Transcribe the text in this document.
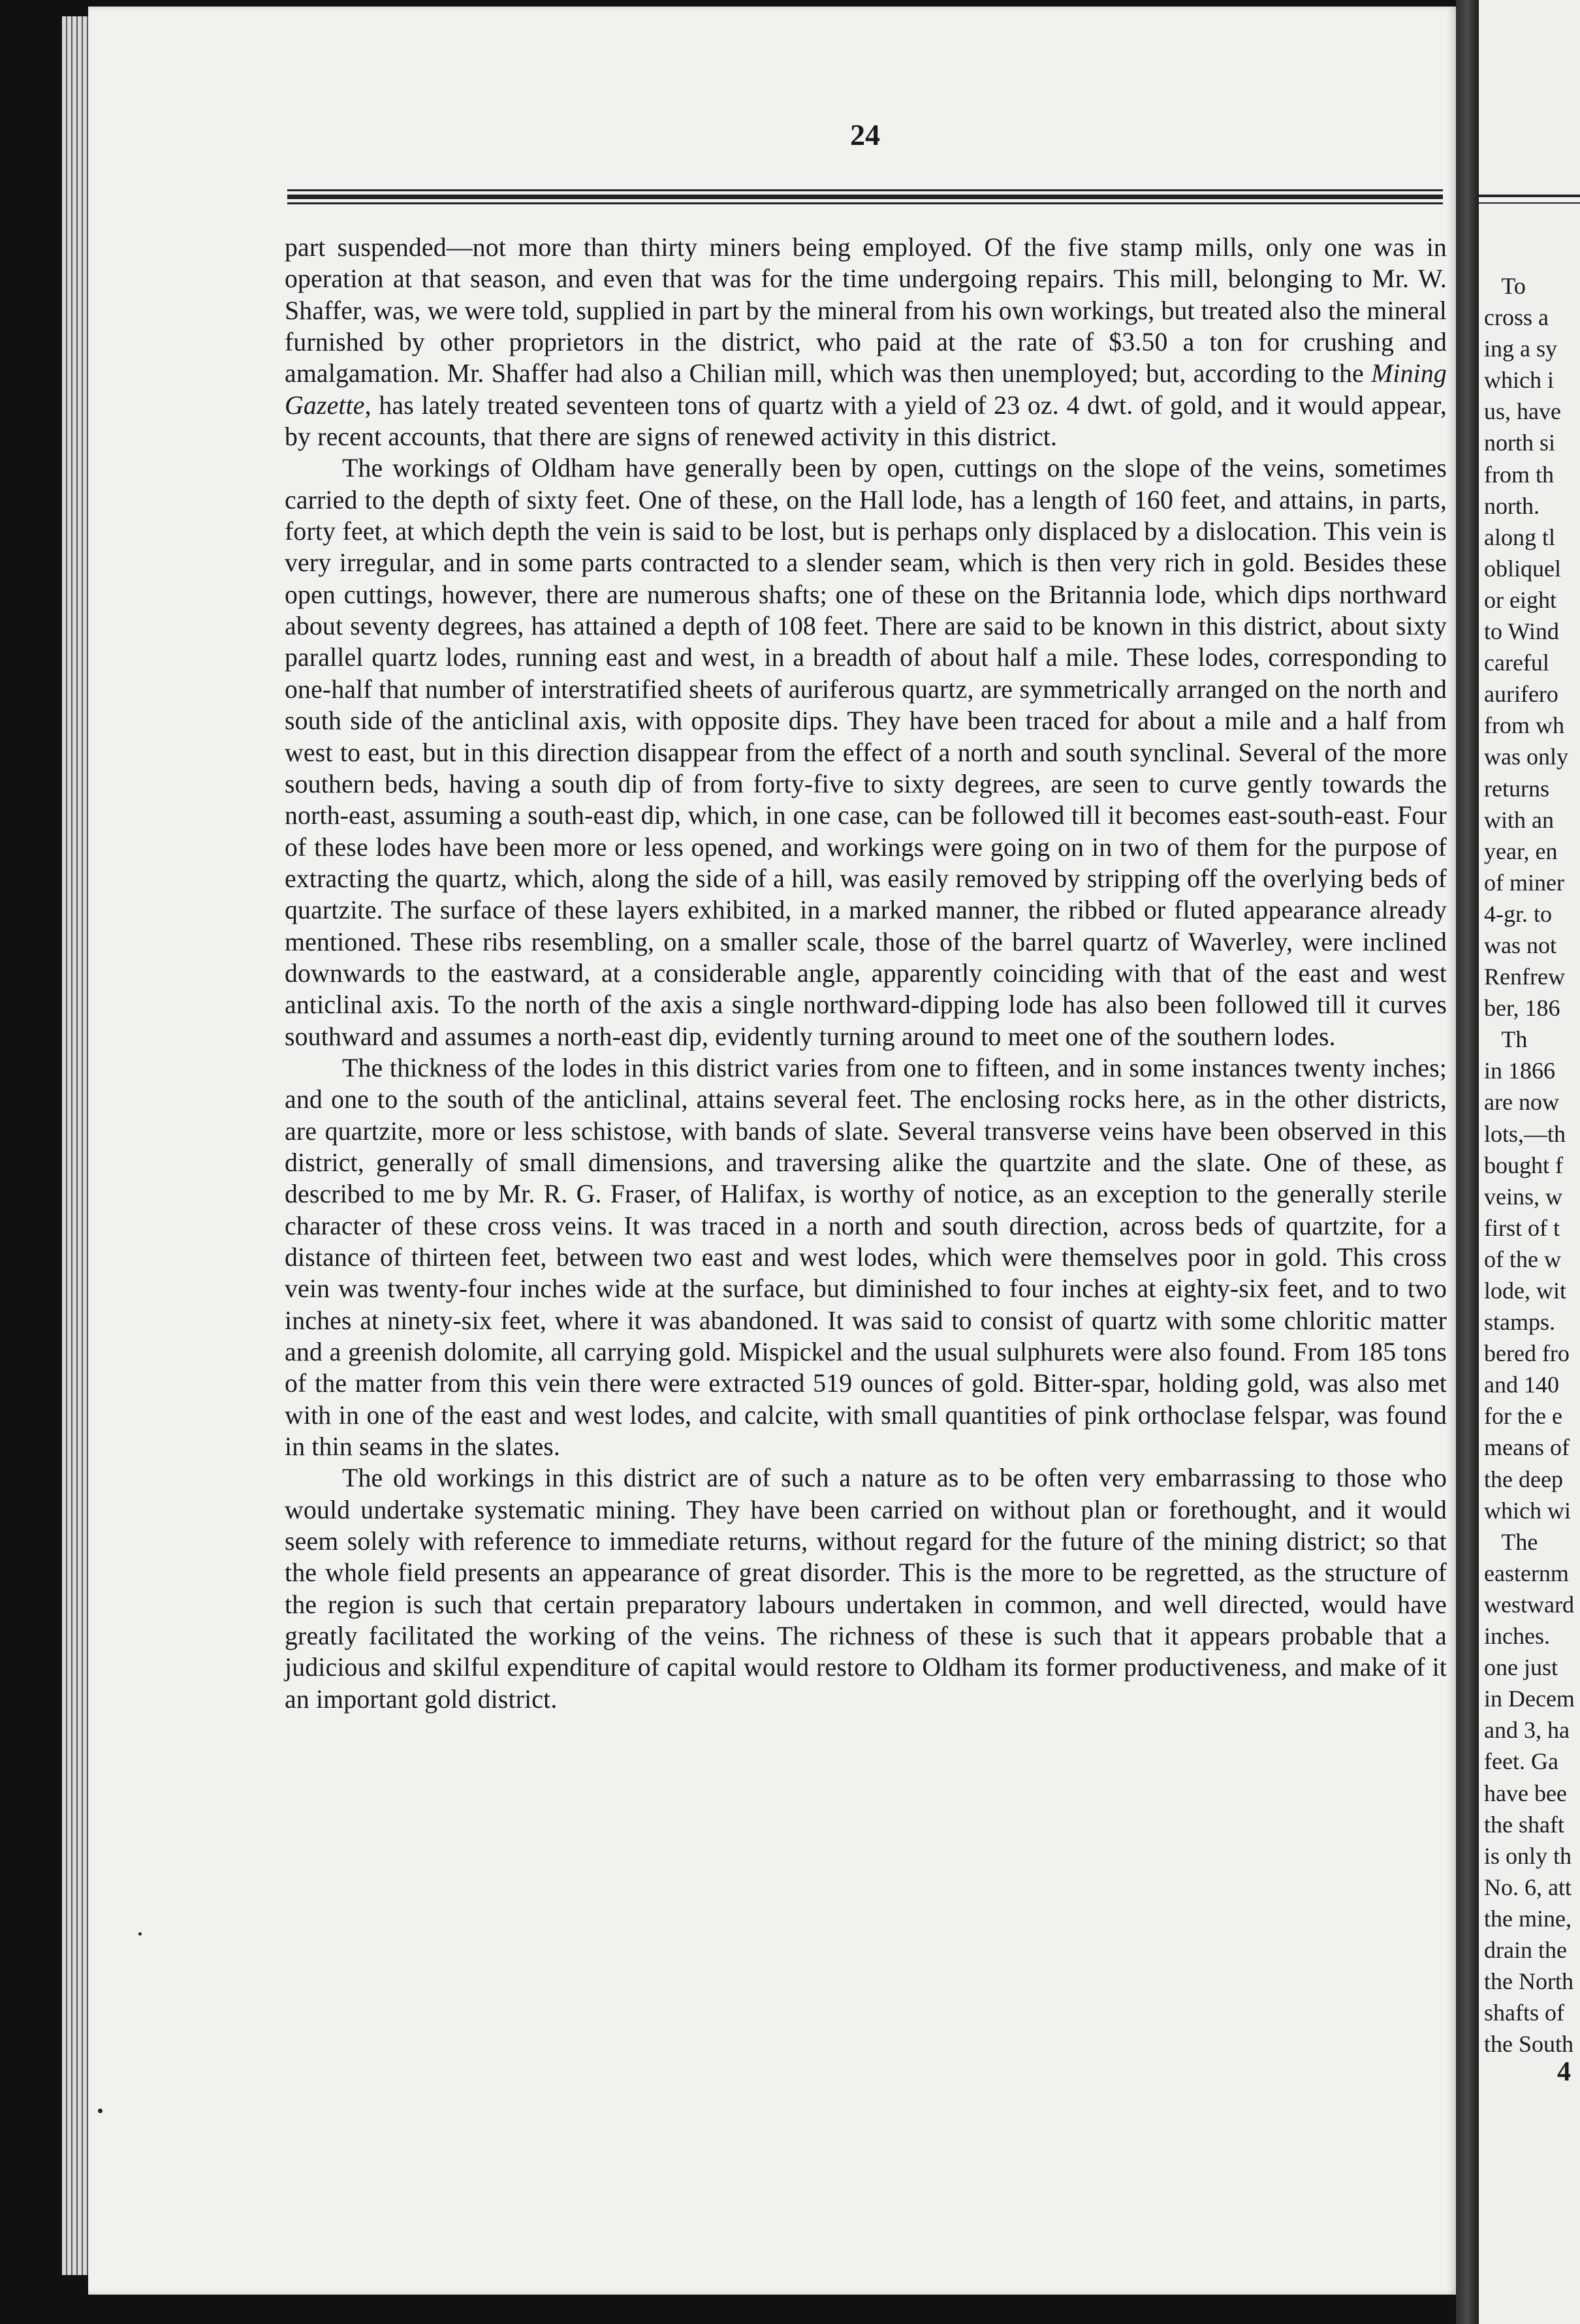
24

part suspended—not more than thirty miners being employed. Of the five stamp mills, only one was in operation at that season, and even that was for the time undergoing repairs. This mill, belonging to Mr. W. Shaffer, was, we were told, supplied in part by the mineral from his own workings, but treated also the mineral furnished by other proprietors in the district, who paid at the rate of $3.50 a ton for crushing and amalgamation. Mr. Shaffer had also a Chilian mill, which was then unemployed; but, according to the Mining Gazette, has lately treated seventeen tons of quartz with a yield of 23 oz. 4 dwt. of gold, and it would appear, by recent accounts, that there are signs of renewed activity in this district.

The workings of Oldham have generally been by open, cuttings on the slope of the veins, sometimes carried to the depth of sixty feet. One of these, on the Hall lode, has a length of 160 feet, and attains, in parts, forty feet, at which depth the vein is said to be lost, but is perhaps only displaced by a dislocation. This vein is very irregular, and in some parts contracted to a slender seam, which is then very rich in gold. Besides these open cuttings, however, there are numerous shafts; one of these on the Britannia lode, which dips northward about seventy degrees, has attained a depth of 108 feet. There are said to be known in this district, about sixty parallel quartz lodes, running east and west, in a breadth of about half a mile. These lodes, corresponding to one-half that number of interstratified sheets of auriferous quartz, are symmetrically arranged on the north and south side of the anticlinal axis, with opposite dips. They have been traced for about a mile and a half from west to east, but in this direction disappear from the effect of a north and south synclinal. Several of the more southern beds, having a south dip of from forty-five to sixty degrees, are seen to curve gently towards the north-east, assuming a south-east dip, which, in one case, can be followed till it becomes east-south-east. Four of these lodes have been more or less opened, and workings were going on in two of them for the purpose of extracting the quartz, which, along the side of a hill, was easily removed by stripping off the overlying beds of quartzite. The surface of these layers exhibited, in a marked manner, the ribbed or fluted appearance already mentioned. These ribs resembling, on a smaller scale, those of the barrel quartz of Waverley, were inclined downwards to the eastward, at a considerable angle, apparently coinciding with that of the east and west anticlinal axis. To the north of the axis a single northward-dipping lode has also been followed till it curves southward and assumes a north-east dip, evidently turning around to meet one of the southern lodes.

The thickness of the lodes in this district varies from one to fifteen, and in some instances twenty inches; and one to the south of the anticlinal, attains several feet. The enclosing rocks here, as in the other districts, are quartzite, more or less schistose, with bands of slate. Several transverse veins have been observed in this district, generally of small dimensions, and traversing alike the quartzite and the slate. One of these, as described to me by Mr. R. G. Fraser, of Halifax, is worthy of notice, as an exception to the generally sterile character of these cross veins. It was traced in a north and south direction, across beds of quartzite, for a distance of thirteen feet, between two east and west lodes, which were themselves poor in gold. This cross vein was twenty-four inches wide at the surface, but diminished to four inches at eighty-six feet, and to two inches at ninety-six feet, where it was abandoned. It was said to consist of quartz with some chloritic matter and a greenish dolomite, all carrying gold. Mispickel and the usual sulphurets were also found. From 185 tons of the matter from this vein there were extracted 519 ounces of gold. Bitter-spar, holding gold, was also met with in one of the east and west lodes, and calcite, with small quantities of pink orthoclase felspar, was found in thin seams in the slates.

The old workings in this district are of such a nature as to be often very embarrassing to those who would undertake systematic mining. They have been carried on without plan or forethought, and it would seem solely with reference to immediate returns, without regard for the future of the mining district; so that the whole field presents an appearance of great disorder. This is the more to be regretted, as the structure of the region is such that certain preparatory labours undertaken in common, and well directed, would have greatly facilitated the working of the veins. The richness of these is such that it appears probable that a judicious and skilful expenditure of capital would restore to Oldham its former productiveness, and make of it an important gold district.

To
cross a
ing a sy
which i
us, have
north si
from th
north.
along tl
obliquel
or eight
to Wind
careful
aurifero
from wh
was only
returns
with an
year, en
of miner
4-gr. to
was not
Renfrew
ber, 186
Th
in 1866
are now
lots,—th
bought f
veins, w
first of t
of the w
lode, wit
stamps.
bered fro
and 140
for the e
means of
the deep
which wi
The
easternm
westward
inches.
one just
in Decem
and 3, ha
feet. Ga
have bee
the shaft
is only th
No. 6, att
the mine,
drain the
the North
shafts of
the South
4
